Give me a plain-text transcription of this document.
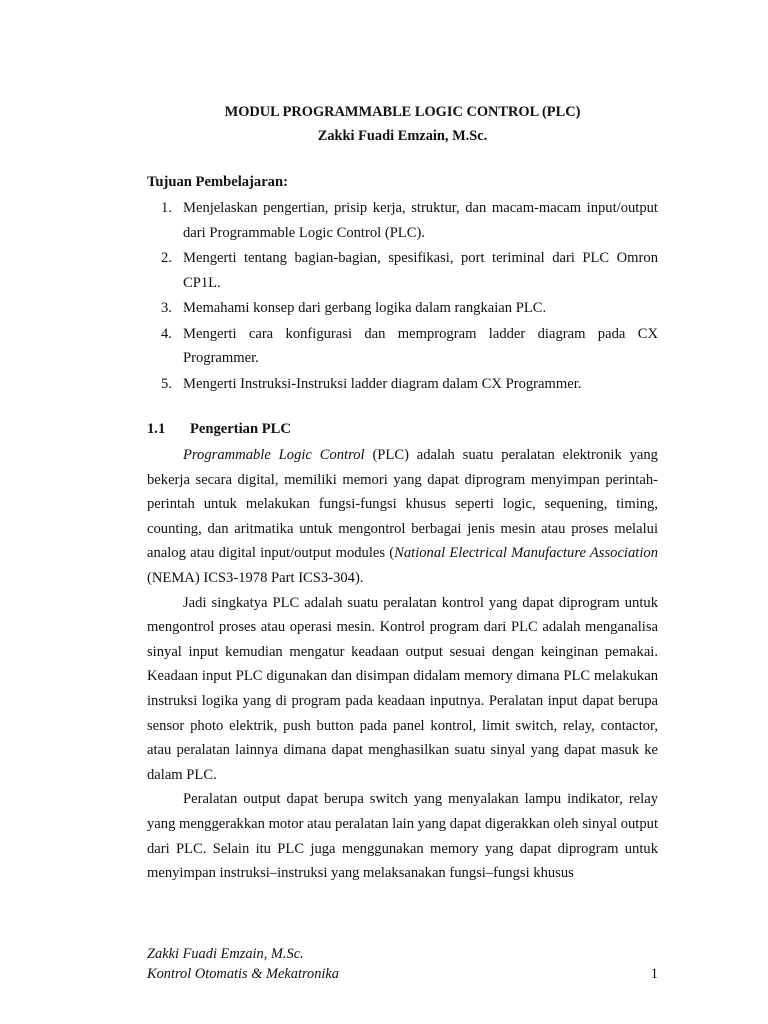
MODUL PROGRAMMABLE LOGIC CONTROL (PLC)
Zakki Fuadi Emzain, M.Sc.
Tujuan Pembelajaran:
1. Menjelaskan pengertian, prisip kerja, struktur, dan macam-macam input/output dari Programmable Logic Control (PLC).
2. Mengerti tentang bagian-bagian, spesifikasi, port teriminal dari PLC Omron CP1L.
3. Memahami konsep dari gerbang logika dalam rangkaian PLC.
4. Mengerti cara konfigurasi dan memprogram ladder diagram pada CX Programmer.
5. Mengerti Instruksi-Instruksi ladder diagram dalam CX Programmer.
1.1 Pengertian PLC

Programmable Logic Control (PLC) adalah suatu peralatan elektronik yang bekerja secara digital, memiliki memori yang dapat diprogram menyimpan perintah-perintah untuk melakukan fungsi-fungsi khusus seperti logic, sequening, timing, counting, dan aritmatika untuk mengontrol berbagai jenis mesin atau proses melalui analog atau digital input/output modules (National Electrical Manufacture Association (NEMA) ICS3-1978 Part ICS3-304).

Jadi singkatya PLC adalah suatu peralatan kontrol yang dapat diprogram untuk mengontrol proses atau operasi mesin. Kontrol program dari PLC adalah menganalisa sinyal input kemudian mengatur keadaan output sesuai dengan keinginan pemakai. Keadaan input PLC digunakan dan disimpan didalam memory dimana PLC melakukan instruksi logika yang di program pada keadaan inputnya. Peralatan input dapat berupa sensor photo elektrik, push button pada panel kontrol, limit switch, relay, contactor, atau peralatan lainnya dimana dapat menghasilkan suatu sinyal yang dapat masuk ke dalam PLC.

Peralatan output dapat berupa switch yang menyalakan lampu indikator, relay yang menggerakkan motor atau peralatan lain yang dapat digerakkan oleh sinyal output dari PLC. Selain itu PLC juga menggunakan memory yang dapat diprogram untuk menyimpan instruksi–instruksi yang melaksanakan fungsi–fungsi khusus

Zakki Fuadi Emzain, M.Sc.
Kontrol Otomatis & Mekatronika	1
